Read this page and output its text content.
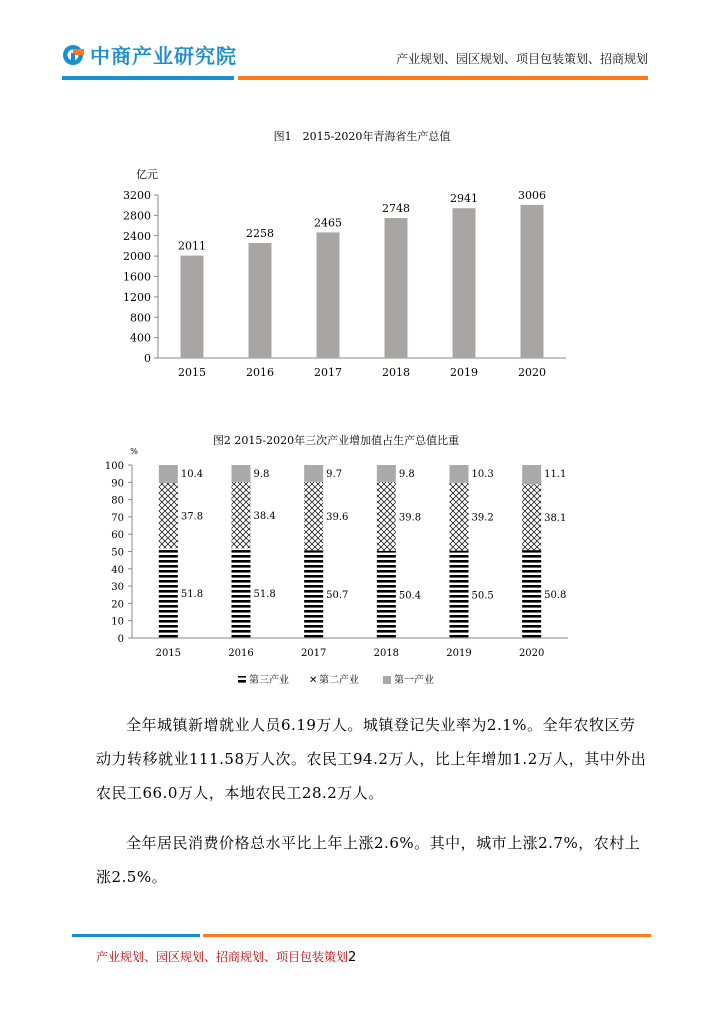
中商产业研究院	产业规划、园区规划、项目包装策划、招商规划
图1　2015-2020年青海省生产总值
亿元
0
400
800
1200
1600
2000
2400
2800
3200
2011
2015
2258
2016
2465
2017
2748
2018
2941
2019
3006
2020
图2 2015-2020年三次产业增加值占生产总值比重
%
0
10
20
30
40
50
60
70
80
90
100
51.8
37.8
10.4
2015
51.8
38.4
9.8
2016
50.7
39.6
9.7
2017
50.4
39.8
9.8
2018
50.5
39.2
10.3
2019
50.8
38.1
11.1
2020
第三产业 ✕ 第二产业	第一产业

全年城镇新增就业人员6.19万人。城镇登记失业率为2.1%。全年农牧区劳动力转移就业111.58万人次。农民工94.2万人，比上年增加1.2万人，其中外出农民工66.0万人，本地农民工28.2万人。

全年居民消费价格总水平比上年上涨2.6%。其中，城市上涨2.7%，农村上涨2.5%。

产业规划、园区规划、招商规划、项目包装策划2
